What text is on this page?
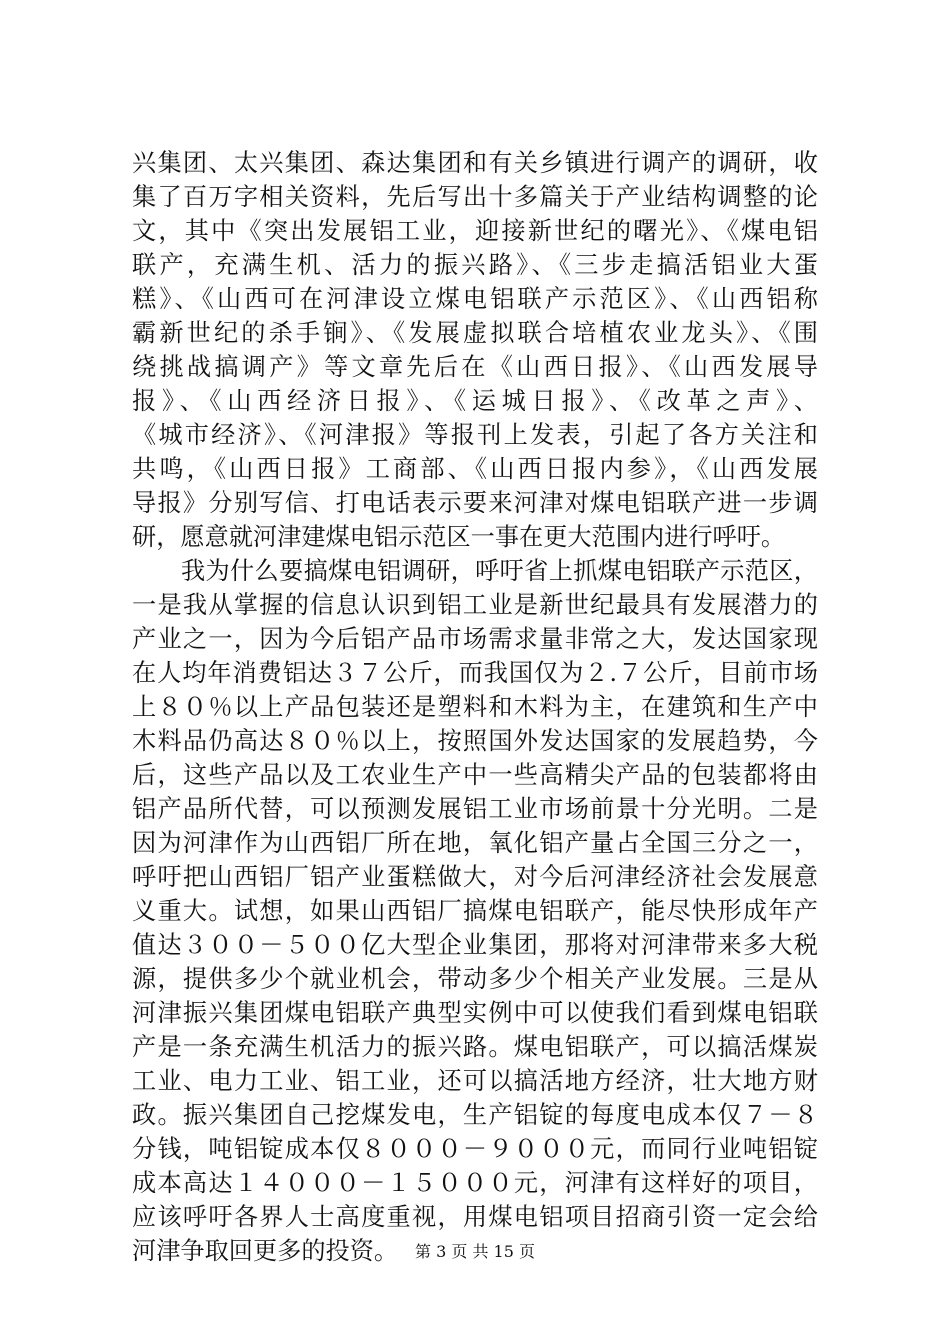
兴集团、太兴集团、森达集团和有关乡镇进行调产的调研，收
集了百万字相关资料，先后写出十多篇关于产业结构调整的论
文，其中《突出发展铝工业，迎接新世纪的曙光》、《煤电铝
联产，充满生机、活力的振兴路》、《三步走搞活铝业大蛋
糕》、《山西可在河津设立煤电铝联产示范区》、《山西铝称
霸新世纪的杀手锏》、《发展虚拟联合培植农业龙头》、《围
绕挑战搞调产》等文章先后在《山西日报》、《山西发展导
报》、《山西经济日报》、《运城日报》、《改革之声》、
《城市经济》、《河津报》等报刊上发表，引起了各方关注和
共鸣，《山西日报》工商部、《山西日报内参》，《山西发展
导报》分别写信、打电话表示要来河津对煤电铝联产进一步调
研，愿意就河津建煤电铝示范区一事在更大范围内进行呼吁。
　　我为什么要搞煤电铝调研，呼吁省上抓煤电铝联产示范区，
一是我从掌握的信息认识到铝工业是新世纪最具有发展潜力的
产业之一，因为今后铝产品市场需求量非常之大，发达国家现
在人均年消费铝达３７公斤，而我国仅为２.７公斤，目前市场
上８０％以上产品包装还是塑料和木料为主，在建筑和生产中
木料品仍高达８０％以上，按照国外发达国家的发展趋势，今
后，这些产品以及工农业生产中一些高精尖产品的包装都将由
铝产品所代替，可以预测发展铝工业市场前景十分光明。二是
因为河津作为山西铝厂所在地，氧化铝产量占全国三分之一，
呼吁把山西铝厂铝产业蛋糕做大，对今后河津经济社会发展意
义重大。试想，如果山西铝厂搞煤电铝联产，能尽快形成年产
值达３００－５００亿大型企业集团，那将对河津带来多大税
源，提供多少个就业机会，带动多少个相关产业发展。三是从
河津振兴集团煤电铝联产典型实例中可以使我们看到煤电铝联
产是一条充满生机活力的振兴路。煤电铝联产，可以搞活煤炭
工业、电力工业、铝工业，还可以搞活地方经济，壮大地方财
政。振兴集团自己挖煤发电，生产铝锭的每度电成本仅７－８
分钱，吨铝锭成本仅８０００－９０００元，而同行业吨铝锭
成本高达１４０００－１５０００元，河津有这样好的项目，
应该呼吁各界人士高度重视，用煤电铝项目招商引资一定会给
河津争取回更多的投资。	第 3 页 共 15 页
